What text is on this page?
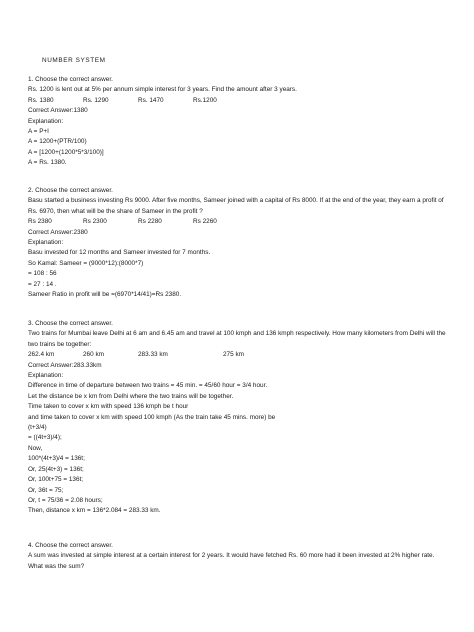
NUMBER SYSTEM
1. Choose the correct answer.
Rs. 1200 is lent out at 5% per annum simple interest for 3 years. Find the amount after 3 years.
Rs. 1380	Rs. 1290	Rs. 1470	Rs.1200
Correct Answer:1380
Explanation:
A = P+I
A = 1200+(PTR/100)
A = [1200+(1200*5*3/100)]
A = Rs. 1380.
2. Choose the correct answer.
Basu started a business investing Rs 9000. After five months, Sameer joined with a capital of Rs 8000. If at the end of the year, they earn a profit of Rs. 6970, then what will be the share of Sameer in the profit ?
Rs 2380	Rs 2300	Rs 2280	Rs 2260
Correct Answer:2380
Explanation:
Basu invested for 12 months and Sameer invested for 7 months.
So Kamal: Sameer = (9000*12):(8000*7)
= 108 : 56
= 27 : 14 .
Sameer Ratio in profit will be =(6970*14/41)=Rs 2380.
3. Choose the correct answer.
Two trains for Mumbai leave Delhi at 6 am and 6.45 am and travel at 100 kmph and 136 kmph respectively. How many kilometers from Delhi will the two trains be together:
262.4 km	260 km	283.33 km	275 km
Correct Answer:283.33km
Explanation:
Difference in time of departure between two trains = 45 min. = 45/60 hour = 3/4 hour.
Let the distance be x km from Delhi where the two trains will be together.
Time taken to cover x km with speed 136 kmph be t hour
and time taken to cover x km with speed 100 kmph (As the train take 45 mins. more) be
(t+3/4)
= ((4t+3)/4);
Now,
100*(4t+3)/4 = 136t;
Or, 25(4t+3) = 136t;
Or, 100t+75 = 136t;
Or, 36t = 75;
Or, t = 75/36 = 2.08 hours;
Then, distance x km = 136*2.084 = 283.33 km.
4. Choose the correct answer.
A sum was invested at simple interest at a certain interest for 2 years. It would have fetched Rs. 60 more had it been invested at 2% higher rate. What was the sum?
